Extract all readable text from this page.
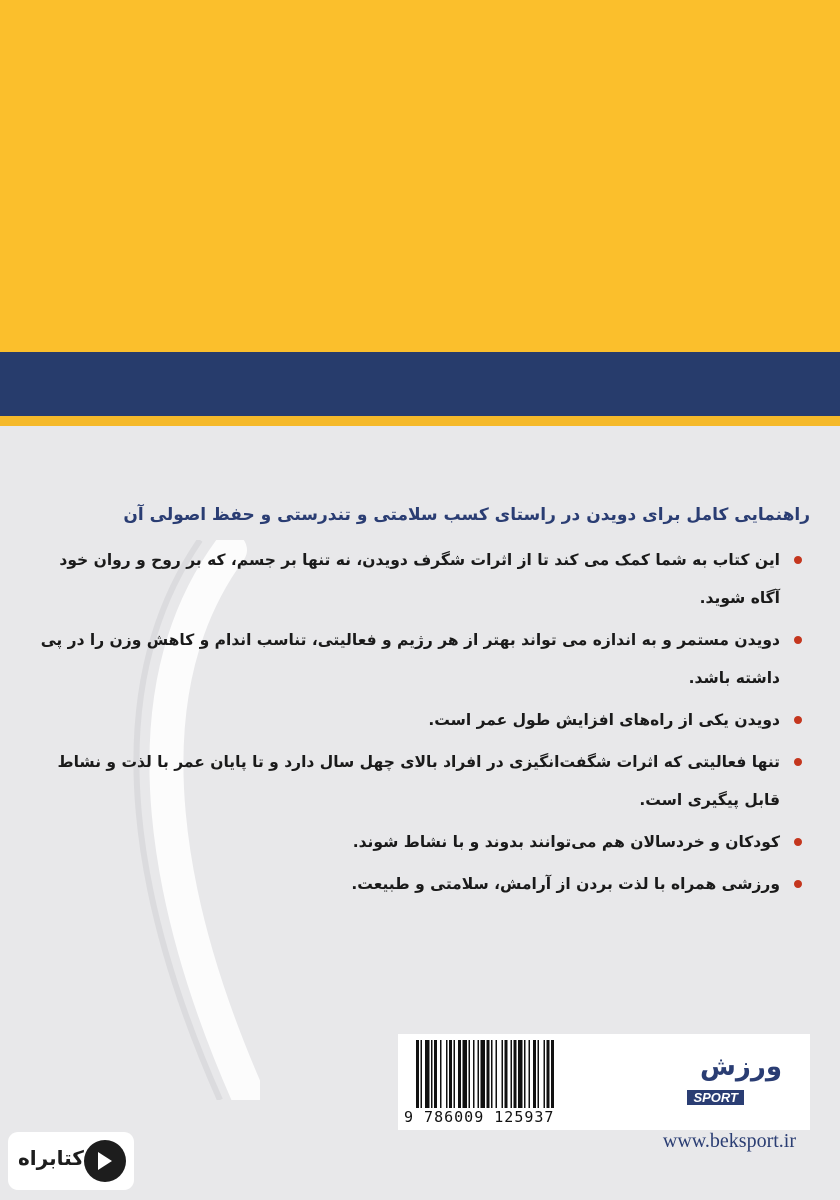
راهنمایی کامل برای دویدن در راستای کسب سلامتی و تندرستی و حفظ اصولی آن
این کتاب به شما کمک می کند تا از اثرات شگرف دویدن، نه تنها بر جسم، که بر روح و روان خود آگاه شوید.
دویدن مستمر و به اندازه می تواند بهتر از هر رژیم و فعالیتی، تناسب اندام و کاهش وزن را در پی داشته باشد.
دویدن یکی از راه‌های افزایش طول عمر است.
تنها فعالیتی که اثرات شگفت‌انگیزی در افراد بالای چهل سال دارد و تا پایان عمر با لذت و نشاط قابل پیگیری است.
کودکان و خردسالان هم می‌توانند بدوند و با نشاط شوند.
ورزشی همراه با لذت بردن از آرامش، سلامتی و طبیعت.
9 786009 125937
ورزش
SPORT
www.beksport.ir
کتابراه
